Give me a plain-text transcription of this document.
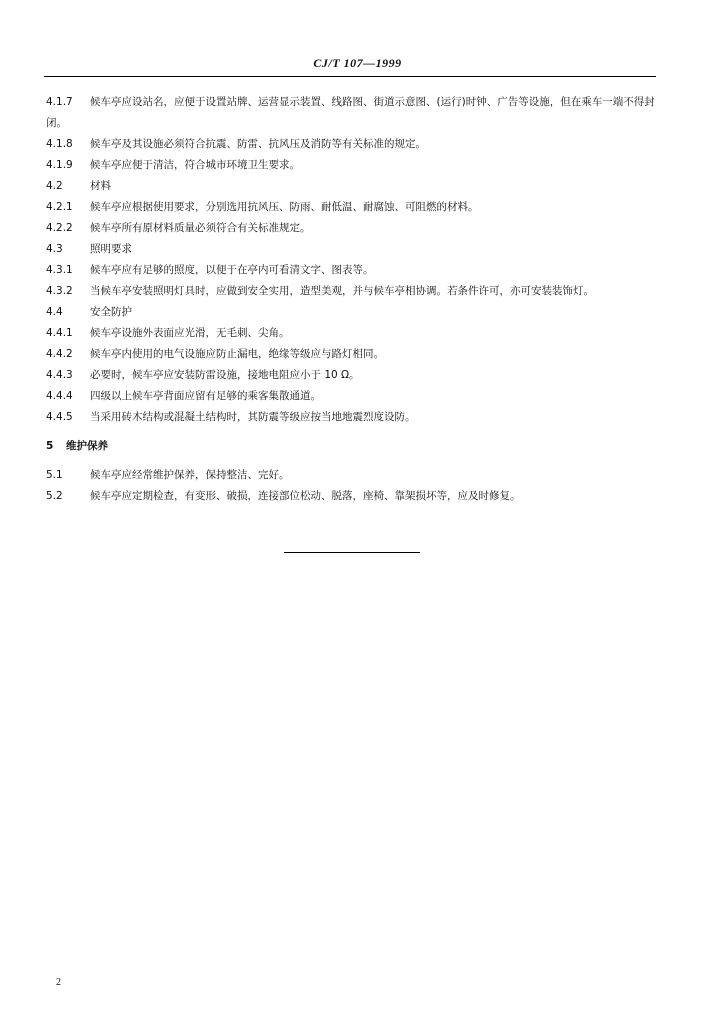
CJ/T 107—1999

4.1.7 候车亭应设站名，应便于设置站牌、运营显示装置、线路图、街道示意图、(运行)时钟、广告等设施，但在乘车一端不得封闭。

4.1.8 候车亭及其设施必须符合抗震、防雷、抗风压及消防等有关标准的规定。

4.1.9 候车亭应便于清洁，符合城市环境卫生要求。

4.2	材料

4.2.1 候车亭应根据使用要求，分别选用抗风压、防雨、耐低温、耐腐蚀、可阻燃的材料。

4.2.2 候车亭所有原材料质量必须符合有关标准规定。

4.3	照明要求

4.3.1 候车亭应有足够的照度，以便于在亭内可看清文字、图表等。

4.3.2 当候车亭安装照明灯具时，应做到安全实用，造型美观，并与候车亭相协调。若条件许可，亦可安装装饰灯。

4.4	安全防护

4.4.1 候车亭设施外表面应光滑，无毛刺、尖角。

4.4.2 候车亭内使用的电气设施应防止漏电，绝缘等级应与路灯相同。

4.4.3 必要时，候车亭应安装防雷设施，接地电阻应小于 10 Ω。

4.4.4 四级以上候车亭背面应留有足够的乘客集散通道。

4.4.5 当采用砖木结构或混凝土结构时，其防震等级应按当地地震烈度设防。

5 维护保养

5.1	候车亭应经常维护保养，保持整洁、完好。

5.2	候车亭应定期检查，有变形、破损，连接部位松动、脱落，座椅、靠架损坏等，应及时修复。

2
